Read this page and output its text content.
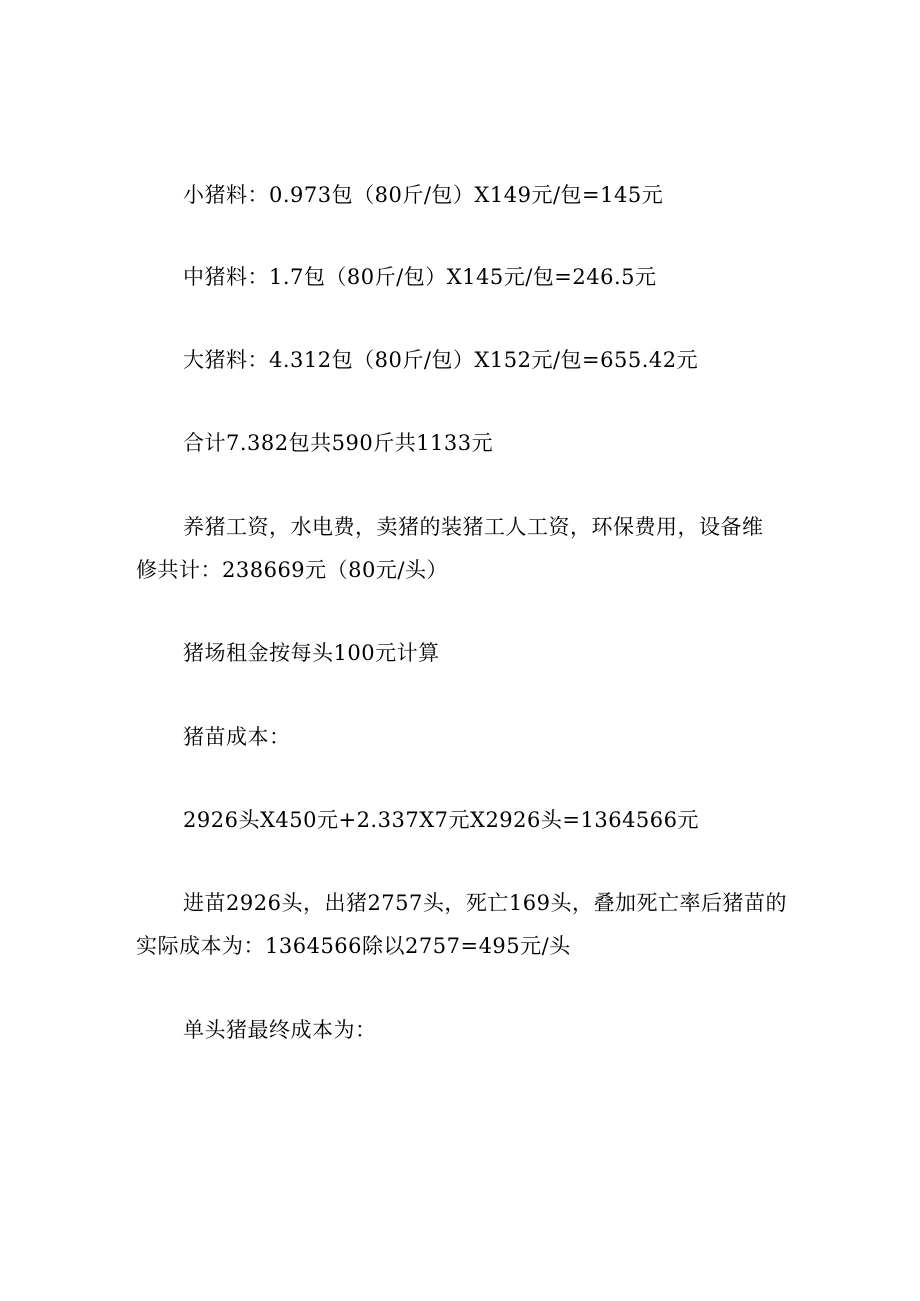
小猪料：0.973包（80斤/包）X149元/包=145元
中猪料：1.7包（80斤/包）X145元/包=246.5元
大猪料：4.312包（80斤/包）X152元/包=655.42元
合计7.382包共590斤共1133元
养猪工资，水电费，卖猪的装猪工人工资，环保费用，设备维
修共计：238669元（80元/头）
猪场租金按每头100元计算
猪苗成本：
2926头X450元+2.337X7元X2926头=1364566元
进苗2926头，出猪2757头，死亡169头，叠加死亡率后猪苗的
实际成本为：1364566除以2757=495元/头
单头猪最终成本为：
